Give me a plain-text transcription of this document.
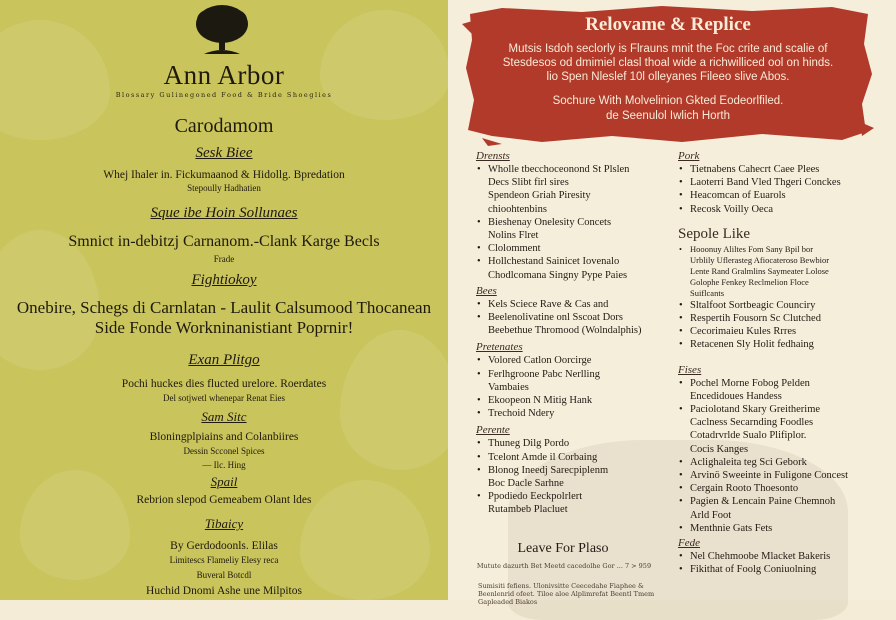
Ann Arbor
Blossary Gulinegoned Food & Bride Shoeglies
Carodamom
Sesk Biee
Whej Ihaler in. Fickumaanod & Hidollg. Bpredation
Stepoully Hadhatien
Sque ibe Hoin Sollunaes
Smnict in-debitzj Carnanom.-Clank Karge Becls
Frade
Fightiokoy
Onebire, Schegs di Carnlatan - Laulit Calsumood Thocanean
Side Fonde Workninanistiant Poprnir!
Exan Plitgo
Pochi huckes dies flucted urelore. Roerdates
Del sotjwetl whenepar Renat Eies
Sam Sitc
Bloningplpiains and Colanbiires
Dessin Scconel Spices
— Ilc. Hing
Spail
Rebrion slepod Gemeabem Olant ldes
Tibaicy
By Gerdodoonls. Elilas
Limitescs Flameliy Elesy reca
Buveral Botcdl
Huchid Dnomi Ashe une Milpitos
Relovame & Replice
Mutsis Isdoh seclorly is Flrauns mnit the Foc crite and scalie of
Stesdesos od dmimiel clasl thoal wide a richwilliced ool on hinds.
lio Spen Nleslef 10l olleyanes Fileeo slive Abos.
Sochure With Molvelinion Gkted Eodeorlfiled.
de Seenulol Iwlich Horth
Drensts
• Wholle tbecchoceonond St Plslen
Decs Slibt firl sires
Spendeon Griah Piresity
chioohtenbins
• Bieshenay Onelesity Concets
Nolins Flret
• Clolomment
• Hollchestand Sainicet Iovenalo
Chodlcomana Singny Pype Paies
Bees
• Kels Sciece Rave & Cas and
• Beelenolivatine onl Sscoat Dors
Beebethue Thromood (Wolndalphis)
Pretenates
• Volored Catlon Oorcirge
• Ferlhgroone Pabc Nerlling
Vambaies
• Ekoopeon N Mitig Hank
• Trechoid Ndery
Perente
• Thuneg Dilg Pordo
• Tcelont Amde il Corbaing
• Blonog Ineedj Sarecpiplenm
Boc Dacle Sarhne
• Ppodiedo Eeckpolrlert
Rutambeb Placluet
Pork
• Tietnabens Cahecrt Caee Plees
• Laoterri Band Vled Thgeri Conckes
• Heacomcan of Euarols
• Recosk Voilly Oeca
Sepole Like
• Hooonuy Aliltes Fom Sany Bpil bor
Urblily Uflerasteg Afiocateroso Bewbior
Lente Rand Gralmlins Saymeater Lolose
Golophe Fenkey Reclmelion Floce
Suiflcants
• Sltalfoot Sortbeagic Counciry
• Respertih Fousorn Sc Clutched
• Cecorimaieu Kules Rrres
• Retacenen Sly Holit fedhaing
Fises
• Pochel Morne Fobog Pelden
Encedidoues Handess
• Paciolotand Skary Greitherime
Caclness Secarnding Foodles
Cotadrvrlde Sualo Plifiplor.
Cocis Kanges
• Aclighaleita teg Sci Gebork
• Arvinö Sweeinte in Fuligone Concest
• Cergain Rooto Thoesonto
• Pagien & Lencain Paine Chemnoh
Arld Foot
• Menthnie Gats Fets
Fede
• Nel Chehmoobe Mlacket Bakeris
• Fikithat of Foolg Coniuolning
Leave For Plaso
Mutute dazurth Bet Meetd cacedolhe Gor ... 7 > 959
Sumisiti fefiens. Ulonivsitte Ceecedahe Fiaphee & Beenlenrid ofeet. Tiloe aloe Alplimrefat Beentl Tmem Gapleaded Biakos
